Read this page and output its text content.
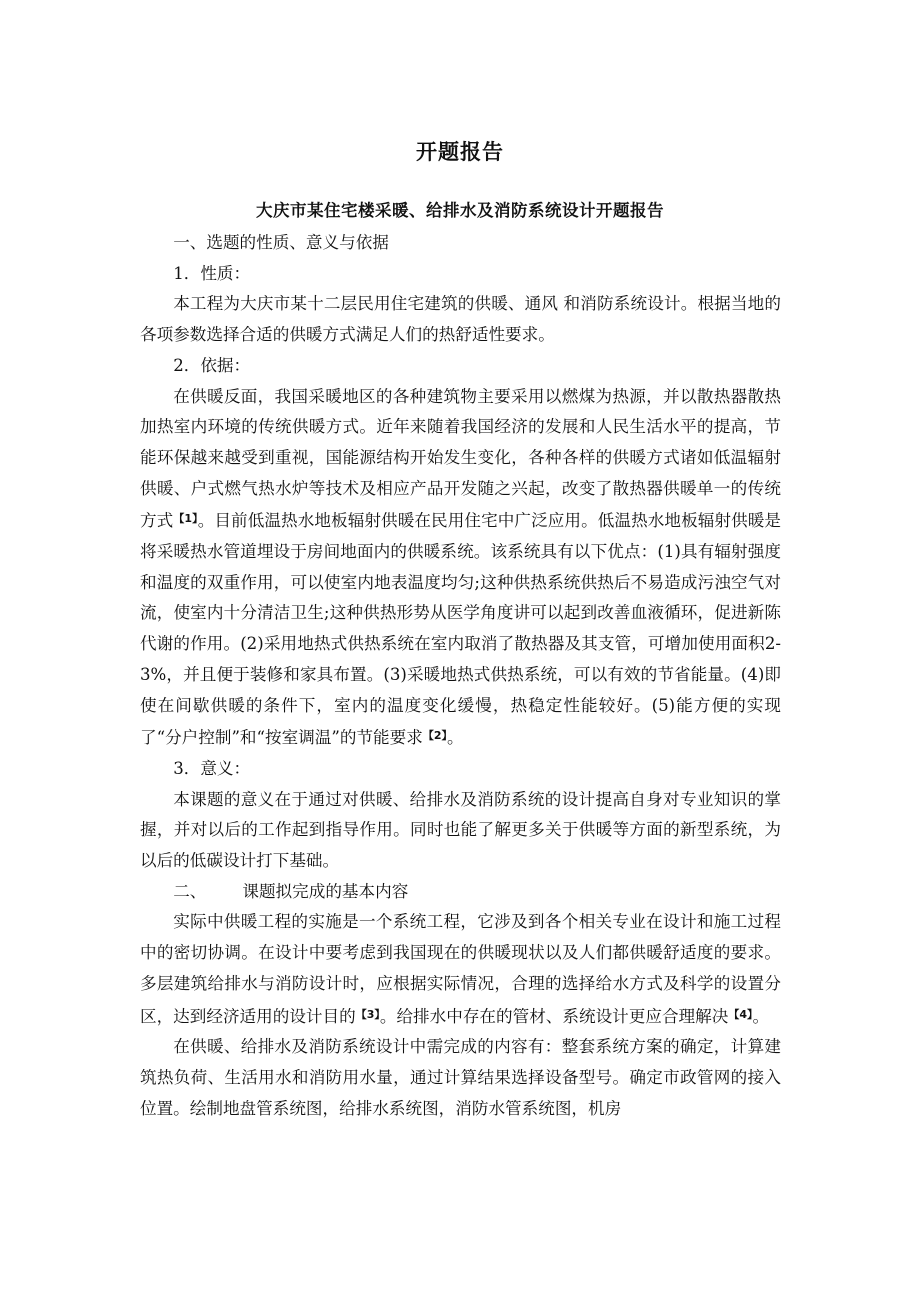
开题报告
大庆市某住宅楼采暖、给排水及消防系统设计开题报告

一、选题的性质、意义与依据

1．性质：

本工程为大庆市某十二层民用住宅建筑的供暖、通风 和消防系统设计。根据当地的各项参数选择合适的供暖方式满足人们的热舒适性要求。

2．依据：

在供暖反面，我国采暖地区的各种建筑物主要采用以燃煤为热源，并以散热器散热加热室内环境的传统供暖方式。近年来随着我国经济的发展和人民生活水平的提高，节能环保越来越受到重视，国能源结构开始发生变化，各种各样的供暖方式诸如低温辐射供暖、户式燃气热水炉等技术及相应产品开发随之兴起，改变了散热器供暖单一的传统方式$^{【1】}$。目前低温热水地板辐射供暖在民用住宅中广泛应用。低温热水地板辐射供暖是将采暖热水管道埋设于房间地面内的供暖系统。该系统具有以下优点：(1)具有辐射强度和温度的双重作用，可以使室内地表温度均匀;这种供热系统供热后不易造成污浊空气对流，使室内十分清洁卫生;这种供热形势从医学角度讲可以起到改善血液循环，促进新陈代谢的作用。(2)采用地热式供热系统在室内取消了散热器及其支管，可增加使用面积2-3%，并且便于装修和家具布置。(3)采暖地热式供热系统，可以有效的节省能量。(4)即使在间歇供暖的条件下，室内的温度变化缓慢，热稳定性能较好。(5)能方便的实现了“分户控制”和“按室调温”的节能要求$^{【2】}$。

3．意义：

本课题的意义在于通过对供暖、给排水及消防系统的设计提高自身对专业知识的掌握，并对以后的工作起到指导作用。同时也能了解更多关于供暖等方面的新型系统，为以后的低碳设计打下基础。

二、 课题拟完成的基本内容

实际中供暖工程的实施是一个系统工程，它涉及到各个相关专业在设计和施工过程中的密切协调。在设计中要考虑到我国现在的供暖现状以及人们都供暖舒适度的要求。多层建筑给排水与消防设计时，应根据实际情况，合理的选择给水方式及科学的设置分区，达到经济适用的设计目的$^{【3】}$。给排水中存在的管材、系统设计更应合理解决$^{【4】}$。

在供暖、给排水及消防系统设计中需完成的内容有：整套系统方案的确定，计算建筑热负荷、生活用水和消防用水量，通过计算结果选择设备型号。确定市政管网的接入位置。绘制地盘管系统图，给排水系统图，消防水管系统图，机房
